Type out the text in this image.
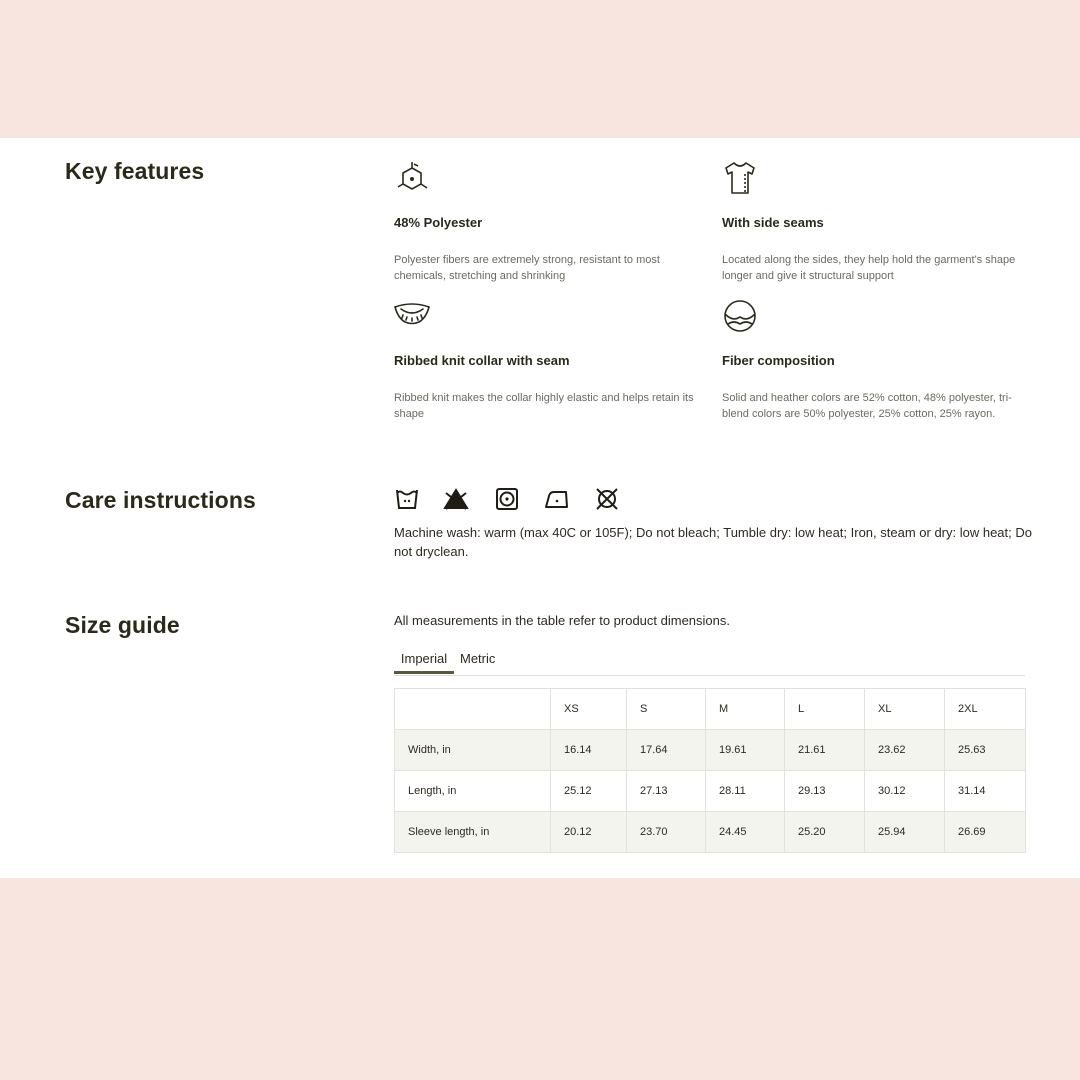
Key features
48% Polyester
Polyester fibers are extremely strong, resistant to most chemicals, stretching and shrinking
With side seams
Located along the sides, they help hold the garment's shape longer and give it structural support
Ribbed knit collar with seam
Ribbed knit makes the collar highly elastic and helps retain its shape
Fiber composition
Solid and heather colors are 52% cotton, 48% polyester, tri-blend colors are 50% polyester, 25% cotton, 25% rayon.
Care instructions
Machine wash: warm (max 40C or 105F); Do not bleach; Tumble dry: low heat; Iron, steam or dry: low heat; Do not dryclean.
Size guide	All measurements in the table refer to product dimensions.
Imperial Metric
	XS	S	M	L	XL	2XL
Width, in	16.14	17.64	19.61	21.61	23.62	25.63
Length, in	25.12	27.13	28.11	29.13	30.12	31.14
Sleeve length, in	20.12	23.70	24.45	25.20	25.94	26.69
